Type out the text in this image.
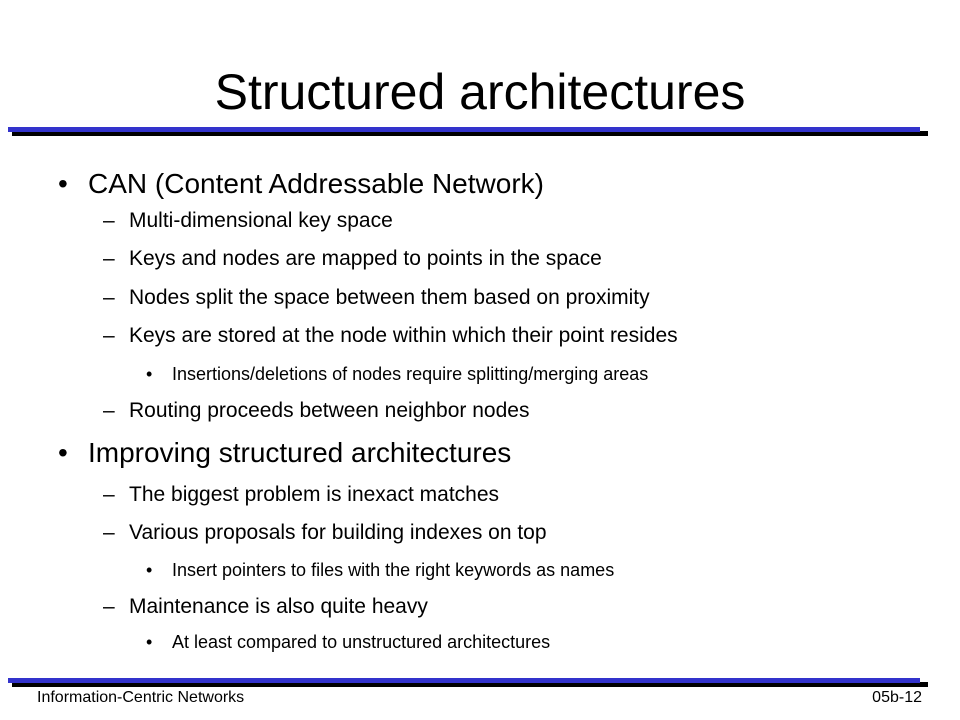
Structured architectures
• CAN (Content Addressable Network)
– Multi-dimensional key space
– Keys and nodes are mapped to points in the space
– Nodes split the space between them based on proximity
– Keys are stored at the node within which their point resides
• Insertions/deletions of nodes require splitting/merging areas
– Routing proceeds between neighbor nodes
• Improving structured architectures
– The biggest problem is inexact matches
– Various proposals for building indexes on top
• Insert pointers to files with the right keywords as names
– Maintenance is also quite heavy
• At least compared to unstructured architectures
Information-Centric Networks	05b-12
